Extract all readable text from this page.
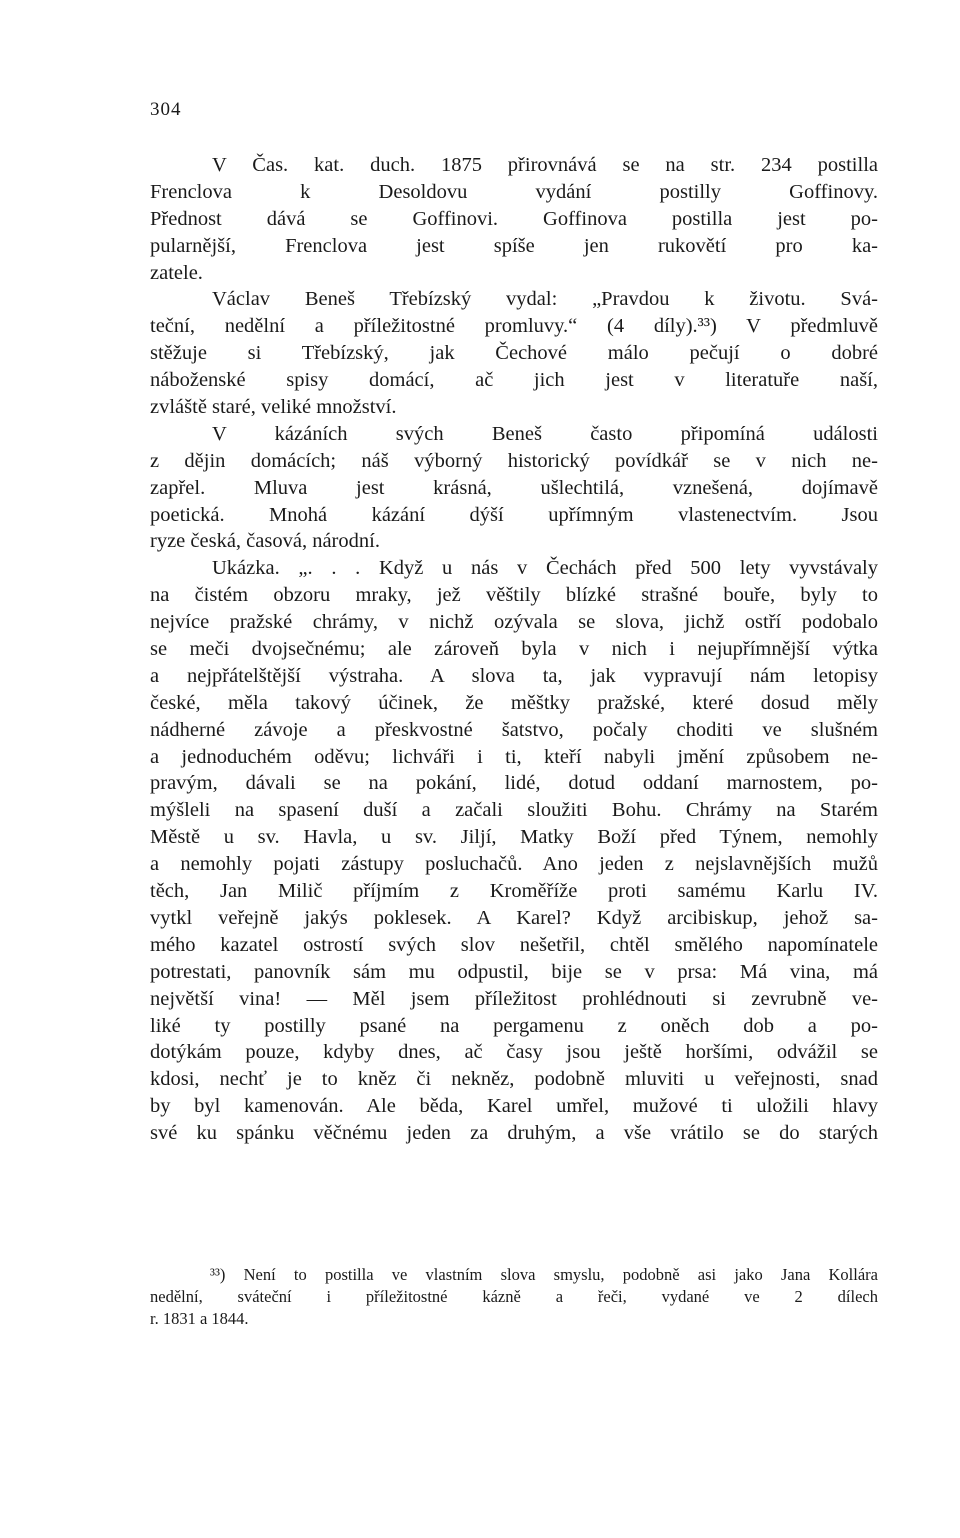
304
V Čas. kat. duch. 1875 přirovnává se na str. 234 postilla
Frenclova k Desoldovu vydání postilly Goffinovy.
Přednost dává se Goffinovi. Goffinova postilla jest po-
pularnější, Frenclova jest spíše jen rukovětí pro ka-
zatele.
Václav Beneš Třebízský vydal: „Pravdou k životu. Svá-
teční, nedělní a příležitostné promluvy.“ (4 díly).³³) V předmluvě
stěžuje si Třebízský, jak Čechové málo pečují o dobré
náboženské spisy domácí, ač jich jest v literatuře naší,
zvláště staré, veliké množství.
V kázáních svých Beneš často připomíná události
z dějin domácích; náš výborný historický povídkář se v nich ne-
zapřel. Mluva jest krásná, ušlechtilá, vznešená, dojímavě
poetická. Mnohá kázání dýší upřímným vlastenectvím. Jsou
ryze česká, časová, národní.
Ukázka. „. . . Když u nás v Čechách před 500 lety vyvstávaly
na čistém obzoru mraky, jež věštily blízké strašné bouře, byly to
nejvíce pražské chrámy, v nichž ozývala se slova, jichž ostří podobalo
se meči dvojsečnému; ale zároveň byla v nich i nejupřímnější výtka
a nejpřátelštější výstraha. A slova ta, jak vypravují nám letopisy
české, měla takový účinek, že měštky pražské, které dosud měly
nádherné závoje a přeskvostné šatstvo, počaly choditi ve slušném
a jednoduchém oděvu; lichváři i ti, kteří nabyli jmění způsobem ne-
pravým, dávali se na pokání, lidé, dotud oddaní marnostem, po-
mýšleli na spasení duší a začali sloužiti Bohu. Chrámy na Starém
Městě u sv. Havla, u sv. Jiljí, Matky Boží před Týnem, nemohly
a nemohly pojati zástupy posluchačů. Ano jeden z nejslavnějších mužů
těch, Jan Milič příjmím z Kroměříže proti samému Karlu IV.
vytkl veřejně jakýs poklesek. A Karel? Když arcibiskup, jehož sa-
mého kazatel ostrostí svých slov nešetřil, chtěl smělého napomínatele
potrestati, panovník sám mu odpustil, bije se v prsa: Má vina, má
největší vina! — Měl jsem příležitost prohlédnouti si zevrubně ve-
liké ty postilly psané na pergamenu z oněch dob a po-
dotýkám pouze, kdyby dnes, ač časy jsou ještě horšími, odvážil se
kdosi, nechť je to kněz či nekněz, podobně mluviti u veřejnosti, snad
by byl kamenován. Ale běda, Karel umřel, mužové ti uložili hlavy
své ku spánku věčnému jeden za druhým, a vše vrátilo se do starých
³³) Není to postilla ve vlastním slova smyslu, podobně asi jako Jana Kollára
nedělní, sváteční i příležitostné kázně a řeči, vydané ve 2 dílech
r. 1831 a 1844.
